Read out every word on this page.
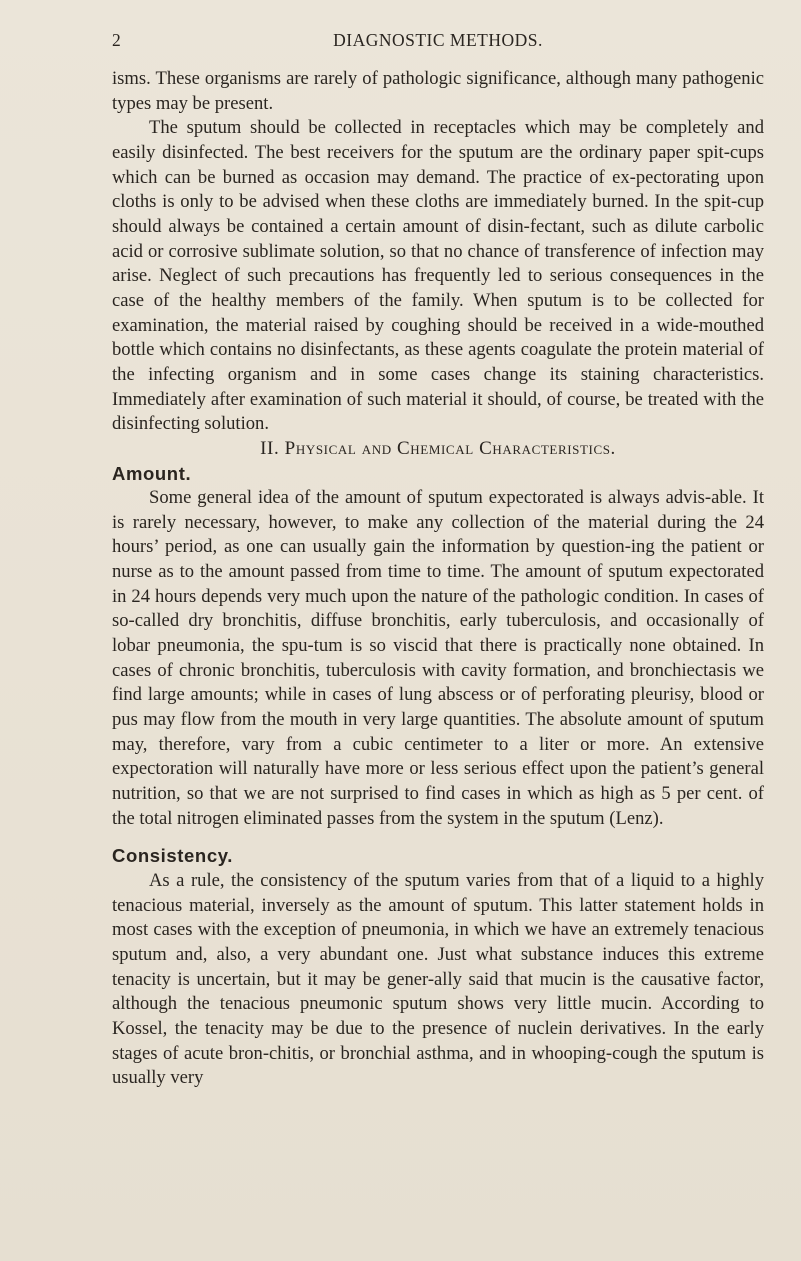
2	DIAGNOSTIC METHODS.

isms. These organisms are rarely of pathologic significance, although many pathogenic types may be present.

The sputum should be collected in receptacles which may be completely and easily disinfected. The best receivers for the sputum are the ordinary paper spit-cups which can be burned as occasion may demand. The practice of ex-pectorating upon cloths is only to be advised when these cloths are immediately burned. In the spit-cup should always be contained a certain amount of disin-fectant, such as dilute carbolic acid or corrosive sublimate solution, so that no chance of transference of infection may arise. Neglect of such precautions has frequently led to serious consequences in the case of the healthy members of the family. When sputum is to be collected for examination, the material raised by coughing should be received in a wide-mouthed bottle which contains no disinfectants, as these agents coagulate the protein material of the infecting organism and in some cases change its staining characteristics. Immediately after examination of such material it should, of course, be treated with the disinfecting solution.

II. Physical and Chemical Characteristics.

Amount.

Some general idea of the amount of sputum expectorated is always advis-able. It is rarely necessary, however, to make any collection of the material during the 24 hours’ period, as one can usually gain the information by question-ing the patient or nurse as to the amount passed from time to time. The amount of sputum expectorated in 24 hours depends very much upon the nature of the pathologic condition. In cases of so-called dry bronchitis, diffuse bronchitis, early tuberculosis, and occasionally of lobar pneumonia, the spu-tum is so viscid that there is practically none obtained. In cases of chronic bronchitis, tuberculosis with cavity formation, and bronchiectasis we find large amounts; while in cases of lung abscess or of perforating pleurisy, blood or pus may flow from the mouth in very large quantities. The absolute amount of sputum may, therefore, vary from a cubic centimeter to a liter or more. An extensive expectoration will naturally have more or less serious effect upon the patient’s general nutrition, so that we are not surprised to find cases in which as high as 5 per cent. of the total nitrogen eliminated passes from the system in the sputum (Lenz).

Consistency.

As a rule, the consistency of the sputum varies from that of a liquid to a highly tenacious material, inversely as the amount of sputum. This latter statement holds in most cases with the exception of pneumonia, in which we have an extremely tenacious sputum and, also, a very abundant one. Just what substance induces this extreme tenacity is uncertain, but it may be gener-ally said that mucin is the causative factor, although the tenacious pneumonic sputum shows very little mucin. According to Kossel, the tenacity may be due to the presence of nuclein derivatives. In the early stages of acute bron-chitis, or bronchial asthma, and in whooping-cough the sputum is usually very
